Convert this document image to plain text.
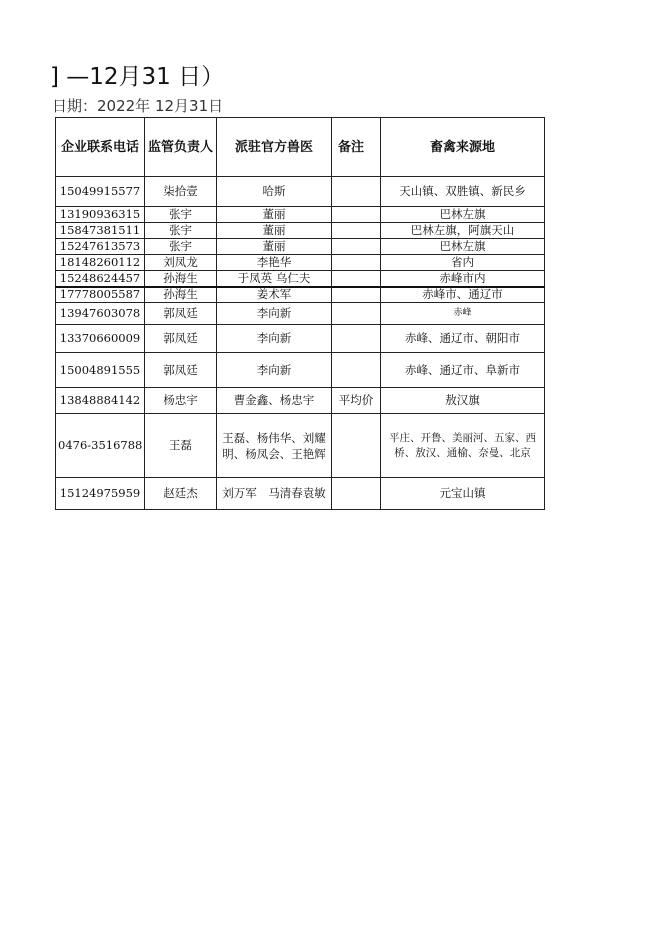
] —12月31 日）
日期：2022年 12月31日
企业联系电话	监管负责人	派驻官方兽医	备注	畜禽来源地
15049915577	柒拾壹	哈斯		天山镇、双胜镇、新民乡
13190936315	张宇	董丽		巴林左旗
15847381511	张宇	董丽		巴林左旗，阿旗天山
15247613573	张宇	董丽		巴林左旗
18148260112	刘凤龙	李艳华		省内
15248624457	孙海生	于凤英 乌仁夫		赤峰市内
17778005587	孙海生	姜术军		赤峰市、通辽市
13947603078	郭凤廷	李向新		赤峰
13370660009	郭凤廷	李向新		赤峰、通辽市、朝阳市
15004891555	郭凤廷	李向新		赤峰、通辽市、阜新市
13848884142	杨忠宇	曹金鑫、杨忠宇	平均价	敖汉旗
0476-3516788	王磊	王磊、杨伟华、刘耀明、杨凤会、王艳辉		平庄、开鲁、美丽河、五家、西桥、敖汉、通榆、奈曼、北京
15124975959	赵廷杰	刘万军　马清春袁敏		元宝山镇
